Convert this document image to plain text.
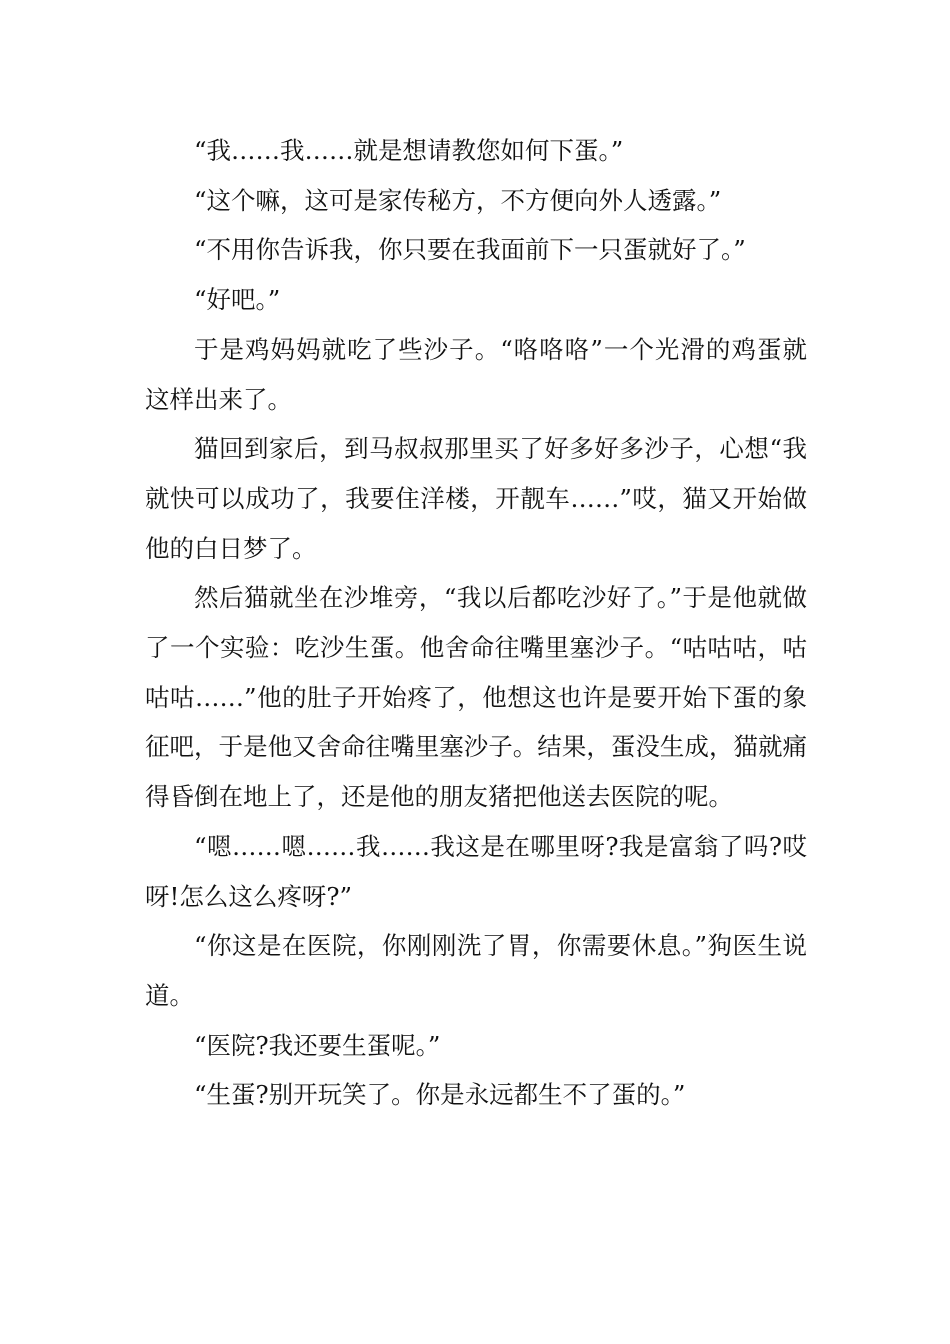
“我……我……就是想请教您如何下蛋。”

“这个嘛，这可是家传秘方，不方便向外人透露。”

“不用你告诉我，你只要在我面前下一只蛋就好了。”

“好吧。”

于是鸡妈妈就吃了些沙子。“咯咯咯”一个光滑的鸡蛋就这样出来了。

猫回到家后，到马叔叔那里买了好多好多沙子，心想“我就快可以成功了，我要住洋楼，开靓车……”哎，猫又开始做他的白日梦了。

然后猫就坐在沙堆旁，“我以后都吃沙好了。”于是他就做了一个实验：吃沙生蛋。他舍命往嘴里塞沙子。“咕咕咕，咕咕咕……”他的肚子开始疼了，他想这也许是要开始下蛋的象征吧，于是他又舍命往嘴里塞沙子。结果，蛋没生成，猫就痛得昏倒在地上了，还是他的朋友猪把他送去医院的呢。

“嗯……嗯……我……我这是在哪里呀?我是富翁了吗?哎呀!怎么这么疼呀?”

“你这是在医院，你刚刚洗了胃，你需要休息。”狗医生说道。

“医院?我还要生蛋呢。”

“生蛋?别开玩笑了。你是永远都生不了蛋的。”
